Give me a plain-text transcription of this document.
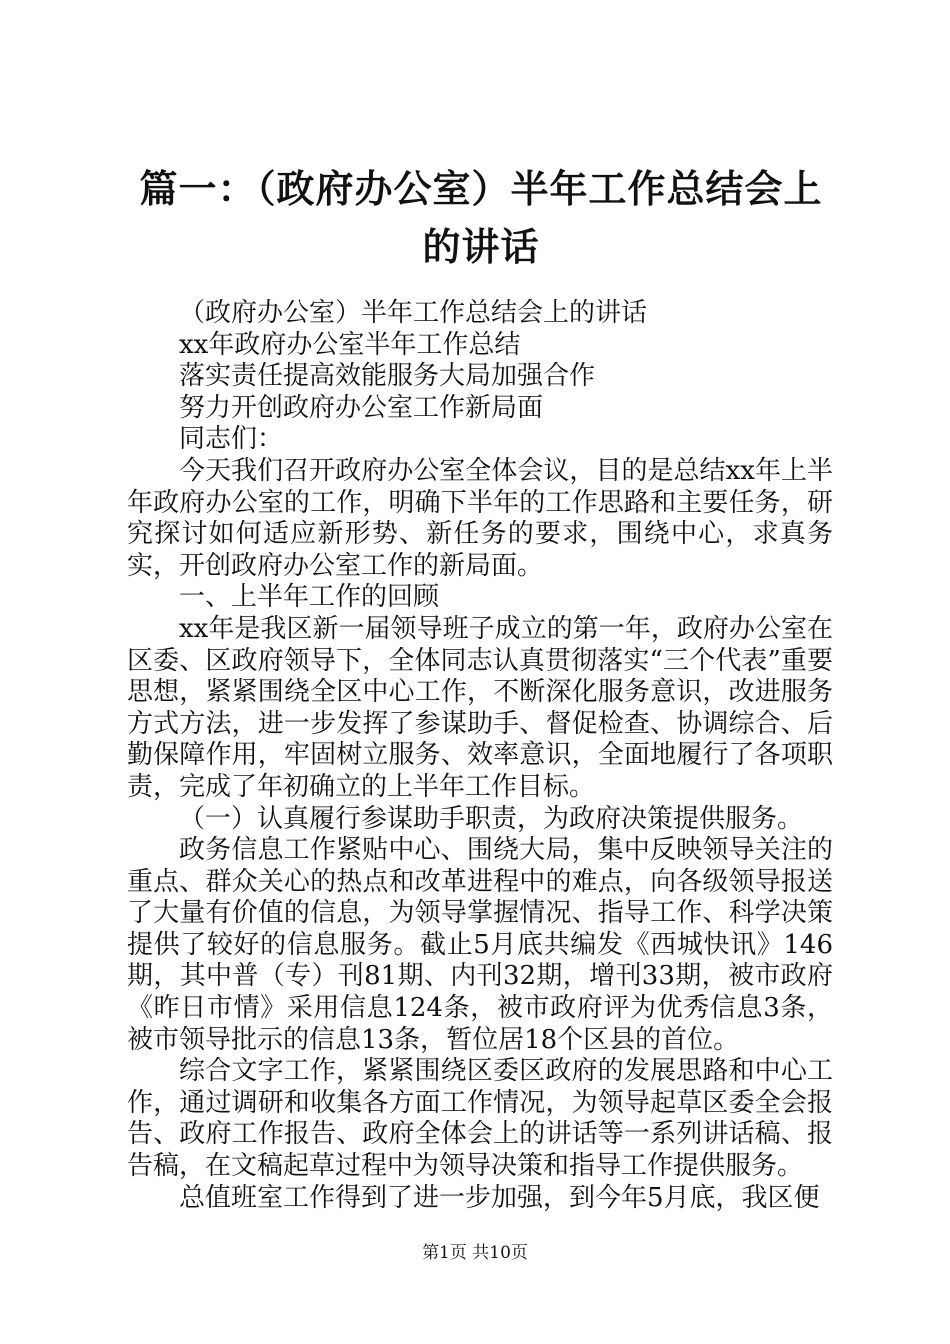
篇一：（政府办公室）半年工作总结会上的讲话

（政府办公室）半年工作总结会上的讲话

xx年政府办公室半年工作总结

落实责任提高效能服务大局加强合作

努力开创政府办公室工作新局面

同志们：

今天我们召开政府办公室全体会议，目的是总结xx年上半年政府办公室的工作，明确下半年的工作思路和主要任务，研究探讨如何适应新形势、新任务的要求，围绕中心，求真务实，开创政府办公室工作的新局面。

一、上半年工作的回顾

xx年是我区新一届领导班子成立的第一年，政府办公室在区委、区政府领导下，全体同志认真贯彻落实“三个代表”重要思想，紧紧围绕全区中心工作，不断深化服务意识，改进服务方式方法，进一步发挥了参谋助手、督促检查、协调综合、后勤保障作用，牢固树立服务、效率意识，全面地履行了各项职责，完成了年初确立的上半年工作目标。

（一）认真履行参谋助手职责，为政府决策提供服务。

政务信息工作紧贴中心、围绕大局，集中反映领导关注的重点、群众关心的热点和改革进程中的难点，向各级领导报送了大量有价值的信息，为领导掌握情况、指导工作、科学决策提供了较好的信息服务。截止5月底共编发《西城快讯》146期，其中普（专）刊81期、内刊32期，增刊33期，被市政府《昨日市情》采用信息124条，被市政府评为优秀信息3条，被市领导批示的信息13条，暂位居18个区县的首位。

综合文字工作，紧紧围绕区委区政府的发展思路和中心工作，通过调研和收集各方面工作情况，为领导起草区委全会报告、政府工作报告、政府全体会上的讲话等一系列讲话稿、报告稿，在文稿起草过程中为领导决策和指导工作提供服务。

总值班室工作得到了进一步加强，到今年5月底，我区便

第1页 共10页
